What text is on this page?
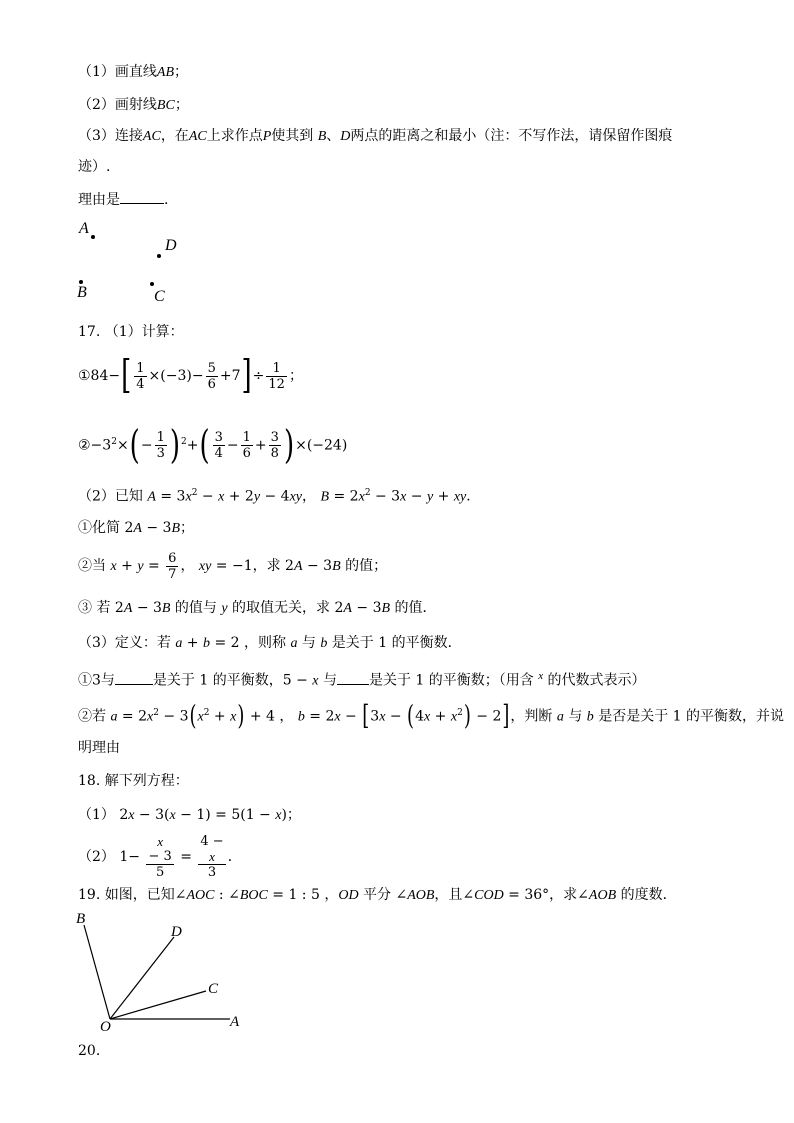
（1）画直线AB；
（2）画射线BC；
（3）连接AC，在AC上求作点P使其到 B、D两点的距离之和最小（注：不写作法，请保留作图痕
迹）.
理由是	.
A
D
B	C
17. （1）计算：
①84−[ $\frac{1}{4} \times(-3)- \frac{5}{6} +7]\div \frac{1}{12}$ ；
$②-3^2\times(- \frac{1}{3} )^2+( \frac{3}{4} - \frac{1}{6} + \frac{3}{8} )\times(-24)$
（2）已知 $A = 3x^2 - x + 2y - 4xy$， $B = 2x^2 - 3x - y$ + xy．
①化简 2A − 3B；
②当 $x + y = \frac{6}{7}$ ， xy = −1，求 2A − 3B 的值；
③ 若 2A − 3B 的值与 y 的取值无关，求 2A − 3B 的值．
（3）定义：若 a + b = 2 ，则称 a 与 b 是关于 1 的平衡数．
①3与	是关于 1 的平衡数，5 − x 与 是关于 1 的平衡数；（用含 $^x$ 的代数式表示）
②若 $a = 2x^2 - 3(x^2 + x) + 4$ ， $b = 2x - [3x - (4x + x^2) - 2]$，判断 a 与 b 是否是关于 1 的平衡数，并说
明理由
18. 解下列方程：
（1） 2x − 3(x − 1) = 5(1 − x)；
（2） 1− x
− 3
5 = 4 −
x
3 ．
19. 如图，已知∠AOC : ∠BOC = 1 : 5 ，OD 平分 ∠AOB，且∠COD = 36°，求∠AOB 的度数．
B
D
C
O	A
20.
